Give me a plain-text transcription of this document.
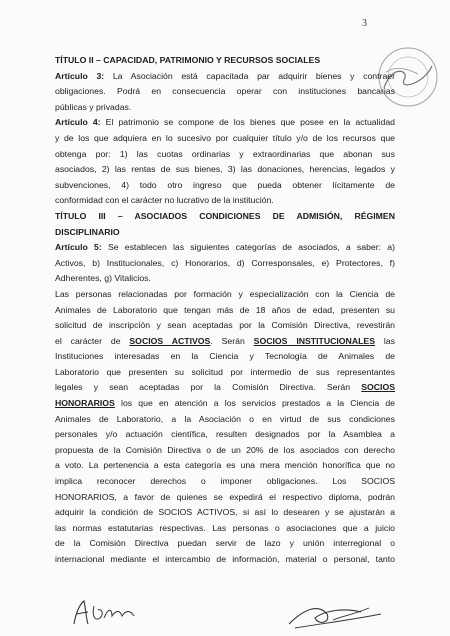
3

TÍTULO II – CAPACIDAD, PATRIMONIO Y RECURSOS SOCIALES

Artículo 3: La Asociación está capacitada par adquirir bienes y contraer

obligaciones. Podrá en consecuencia operar con instituciones bancarias

públicas y privadas.

Artículo 4: El patrimonio se compone de los bienes que posee en la actualidad

y de los que adquiera en lo sucesivo por cualquier título y/o de los recursos que

obtenga por: 1) las cuotas ordinarias y extraordinarias que abonan sus

asociados, 2) las rentas de sus bienes, 3) las donaciones, herencias, legados y

subvenciones, 4) todo otro ingreso que pueda obtener lícitamente de

conformidad con el carácter no lucrativo de la institución.

TÍTULO III – ASOCIADOS CONDICIONES DE ADMISIÓN, RÉGIMEN

DISCIPLINARIO

Artículo 5: Se establecen las siguientes categorías de asociados, a saber: a)

Activos, b) Institucionales, c) Honorarios, d) Corresponsales, e) Protectores, f)

Adherentes, g) Vitalicios.

Las personas relacionadas por formación y especialización con la Ciencia de

Animales de Laboratorio que tengan más de 18 años de edad, presenten su

solicitud de inscripción y sean aceptadas por la Comisión Directiva, revestirán

el carácter de SOCIOS ACTIVOS. Serán SOCIOS INSTITUCIONALES las

Instituciones interesadas en la Ciencia y Tecnología de Animales de

Laboratorio que presenten su solicitud por intermedio de sus representantes

legales y sean aceptadas por la Comisión Directiva. Serán SOCIOS

HONORARIOS los que en atención a los servicios prestados a la Ciencia de

Animales de Laboratorio, a la Asociación o en virtud de sus condiciones

personales y/o actuación científica, resulten designados por la Asamblea a

propuesta de la Comisión Directiva o de un 20% de los asociados con derecho

a voto. La pertenencia a esta categoría es una mera mención honorífica que no

implica reconocer derechos o imponer obligaciones. Los SOCIOS

HONORARIOS, a favor de quienes se expedirá el respectivo diploma, podrán

adquirir la condición de SOCIOS ACTIVOS, si así lo desearen y se ajustarán a

las normas estatutarias respectivas. Las personas o asociaciones que a juicio

de la Comisión Directiva puedan servir de lazo y unión interregional o

internacional mediante el intercambio de información, material o personal, tanto
